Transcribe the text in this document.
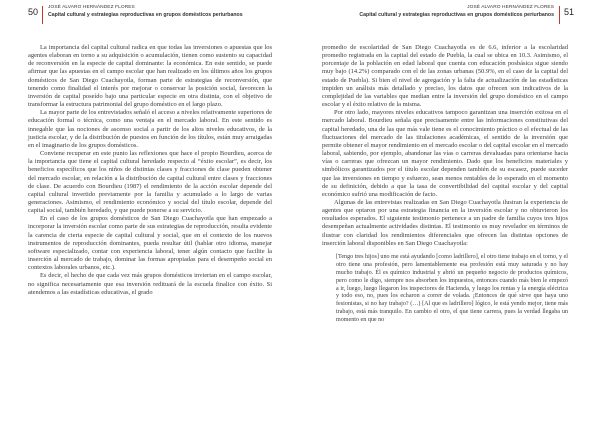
50 JOSÉ ALVARO HERNÁNDEZ FLORES
Capital cultural y estrategias reproductivas en grupos domésticos periurbanos

La importancia del capital cultural radica en que todas las inversiones o apuestas que los agentes elaboran en torno a su adquisición o acumulación, tienen como sustento su capacidad de reconversión en la especie de capital dominante: la económica. En este sentido, se puede afirmar que las apuestas en el campo escolar que han realizado en los últimos años los grupos domésticos de San Diego Cuachayotla, forman parte de estrategias de reconversión, que tenendo como finalidad el interés por mejorar o conservar la posición social, favorecen la inversión de capital poseído bajo una particular especie en otra distinta, con el objetivo de transformar la estructura patrimonial del grupo doméstico en el largo plazo.

La mayor parte de los entrevistados señaló el acceso a niveles relativamente superiores de educación formal o técnica, como una ventaja en el mercado laboral. En este sentido es innegable que las nociones de ascenso social a partir de los altos niveles educativos, de la justicia escolar, y de la distribución de puestos en función de los títulos, están muy arraigadas en el imaginario de los grupos domésticos.

Conviene recuperar en este punto las reflexiones que hace el propio Bourdieu, acerca de la importancia que tiene el capital cultural heredado respecto al “éxito escolar”, es decir, los beneficios específicos que los niños de distintas clases y fracciones de clase pueden obtener del mercado escolar, en relación a la distribución de capital cultural entre clases y fracciones de clase. De acuerdo con Bourdieu (1987) el rendimiento de la acción escolar depende del capital cultural invertido previamente por la familia y acumulado a lo largo de varias generaciones. Asimismo, el rendimiento económico y social del título escolar, depende del capital social, también heredado, y que puede ponerse a su servicio.

En el caso de los grupos domésticos de San Diego Cuachayotla que han empezado a incorporar la inversión escolar como parte de sus estrategias de reproducción, resulta evidente la carencia de cierta especie de capital cultural y social, que en el contexto de los nuevos instrumentos de reproducción dominantes, pueda resultar útil (hablar otro idioma, manejar software especializado, contar con experiencia laboral, tener algún contacto que facilite la inserción al mercado de trabajo, dominar las formas apropiadas para el desempeño social en contextos laborales urbanos, etc.).

Es decir, el hecho de que cada vez más grupos domésticos inviertan en el campo escolar, no significa necesariamente que esa inversión redituará de la escuela finalice con éxito. Si atendemos a las estadísticas educativas, el grado

JOSÉ ALVARO HERNÁNDEZ FLORES
Capital cultural y estrategias reproductivas en grupos domésticos periurbanos 51

promedio de escolaridad de San Diego Cuachayotla es de 6.6, inferior a la escolaridad promedio registrada en la capital del estado de Puebla, la cual se ubica en 10.3. Asimismo, el porcentaje de la población en edad laboral que cuenta con educación posbásica sigue siendo muy bajo (14.2%) comparado con el de las zonas urbanas (50.9%, en el caso de la capital del estado de Puebla). Si bien el nivel de agregación y la falta de actualización de las estadísticas impiden un análisis más detallado y preciso, los datos que ofrecen son indicativos de la complejidad de las variables que median entre la inversión del grupo doméstico en el campo escolar y el éxito relativo de la misma.

Por otro lado, mayores niveles educativos tampoco garantizan una inserción exitosa en el mercado laboral. Bourdieu señala que precisamente entre las informaciones constitutivas del capital heredado, una de las que más vale tiene es el conocimiento práctico o el efectual de las fluctuaciones del mercado de las titulaciones académicas, el sentido de la inversión que permite obtener el mayor rendimiento en el mercado escolar o del capital escolar en el mercado laboral, sabiendo, por ejemplo, abandonar las vías o carreras devaluadas para orientarse hacia vías o carreras que ofrezcan un mayor rendimiento. Dado que los beneficios materiales y simbólicos garantizados por el título escolar dependen también de su escasez, puede suceder que las inversiones en tiempo y esfuerzo, sean menos rentables de lo esperado en el momento de su definición, debido a que la tasa de convertibilidad del capital escolar y del capital económico sufrió una modificación de facto.

Algunas de las entrevistas realizadas en San Diego Cuachayotla ilustran la experiencia de agentes que optaron por una estrategia financia en la inversión escolar y no obtuvieron los resultados esperados. El siguiente testimonio pertenece a un padre de familia cuyos tres hijos desempeñan actualmente actividades distintas. El testimonio es muy revelador en términos de ilustrar con claridad los rendimientos diferenciales que ofrecen las distintas opciones de inserción laboral disponibles en San Diego Cuachayotla:

[Tengo tres hijos] uno me está ayudando [como ladrillero], el otro tiene trabajo en el torno, y el otro tiene una profesión, pero lamentablemente esa profesión está muy saturada y no hay mucho trabajo. Él es químico industrial y abrió un pequeño negocio de productos químicos, pero como le digo, siempre nos absorben los impuestos, entonces cuando más bien le empezó a ir, luego, luego llegaron los inspectores de Hacienda, y luego los rentas y la energía eléctrica y todo eso, no, pues los echaron a correr de volada. ¡Entonces de qué sirve que haya uno fesionistas, si no hay trabajo? (…) [Al que es ladrillero] lógico, le está yendo mejor, tiene más trabajo, está más tranquilo. En cambio el otro, el que tiene carrera, pues la verdad llegaba un momento en que no
